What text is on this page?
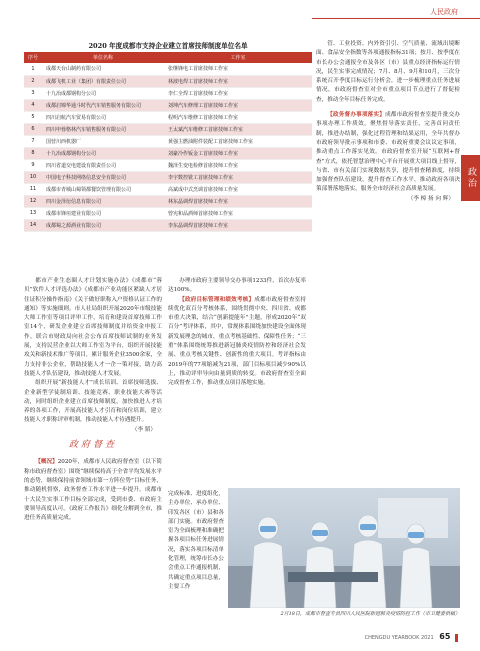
人民政府
政治
2020 年度成都市支持企业建立首席技师制度单位名单
序号	单位名称	工作室
1	成都天台山制药有限公司	张继锋电工首席技师工作室
2	成都飞机工业（集团）有限责任公司	林波电焊工首席技师工作室
3	十九冶成都钢构分公司	李仁全焊工首席技师工作室
4	成都启锦华通斗时代汽车销售服务有限公司	刘坤汽车修理工首席技师工作室
5	四川启航汽车贸易有限公司	程明汽车维修工首席技师工作室
6	四川申蓉格林汽车销售服务有限公司	王太斌汽车维修工首席技师工作室
7	国营川西机器厂	黄强主燃油附件装配工首席技师工作室
8	十九冶成都钢构分公司	刘豪冷作钣金工首席技师工作室
9	四川省道交电建设有限责任公司	魏泽生变电检修首席技师工作室
10	中国电子科技网络信息安全有限公司	李宇数控铣工首席技师工作室
11	成都市青城山蜀领都餐饮管理有限公司	高斌成中式烹调首席技师工作室
12	四川金泽衍信息有限公司	林东晶调焊首席技师工作室
13	成都市锋垣建业有限公司	曾宪和品酒师首席技师工作室
14	成都蜀之源酒业有限公司	李东晶调焊首席技师工作室

都市产业生态圈人才计划实施办法》《成都市“蓉贝”软件人才评选办法》《成都市产业功能区紧缺人才居住证积分操作指南》《关于做好职称入户资格认证工作的通知》等实施细则。市人社局组织开展2020年市级技能大师工作室等项目评审工作，培育和建设首席技师工作室14个，研发企业建立首席技师制度并给资金申报工作，联合市财政局向社会公布首席技师试制的业务发展，支持民营企业以大师工作室为平台，组织开展技能攻关和新技术推广等项目，累计服务企业3500余家，全力支持非公企业，帮助技能人才一企一策对接，助力高技能人才队伍建设，推动技能人才发展。

组织开展“新技能人才”成长培训、首席技师选拔、企业新型学徒制培训、技能竞赛、职业技能大赛等活动，同时组织企业建立首席技师制度，加快推进人才培养的各项工作，开展高技能人才引育和岗位培训，建立技能人才职称评审机制，推动技能人才待遇提升。

（李 韬）
政府督查

【概况】2020年，成都市人民政府督查室（以下简称市政府督查室）围绕“继续保持高于全省平均发展水平的态势，继续保持前省领域市第一方阵位势”目标任务，推动随机督察，政务督查工作水平进一步提升。成都市十大民生实事工作目标全部完成，受到市委、市政府主要领导高度认可。《政府工作报告》细化分解到全市，推进任务高质量完成。

办理市政府主要领导交办事项1233件，首次办复率达100%。

【政府目标管理和绩效考核】成都市政府督查室持续优化双百分考核体系，围绕贯彻中央、四川省、成都市重大决策，结合“创新提能年”主题，形成2020年“双百分”考评体系，其中，常规体系围绕加快建设全面体现新发展理念的城市，重点考核基础性、保障性任务；“三重”体系围绕统筹推进新冠肺炎疫情防控和经济社会发展、重点考核关键性、创新性的重大项目。考评指标由2019年的77项缩减为21项，部门目标项目减少90%以上，推动评审导向由量到质的转变。市政府督查室全面完成督查工作，推动重点项目落地实施。

完成标准、进度组化，主办单位、承办单位、印发各区（市）县和各部门实施。市政府督查室为全面梳理和准确把握各项目标任务进展情况，落实各项目标清单化管理，统筹市长办公会重点工作通报机制，共确定重点项目总量，主要工作

管、工业投资、内外资引引、空气质量、流域出境断面、食品安全指数等各项通报指标31项；按月、按季度在市长办公会通报全市及各区（市）县重点经济指标运行情况，民生实事完成情况；7月、8月、9月和10月，三次分系统召开季度目标运行分析会，进一步梳理重点任务进展情况，市政府督查室对全市重点项目节点进行了督促检查，推动全年目标任务完成。

【政务督办事项落实】成都市政府督查室提升批交办事项办理工作质效，聚焦督导落实责任，完善首问责任制，推进办结制，强化过程管理和结果运用，全年共督办市政府领导批示事项和市委、市政府重要会议议定事项，推动重点工作落实见效。市政府督查室开展“互联网+督查”方式，依托智慧治理中心平台开展重大项目线上督导，与省、市有关部门实现数据共享，提升督查精准度，持续加强督查队伍建设，提升督查工作水平，推动政府各项决策部署落地落实，服务全市经济社会高质量发展。

（李 樟 扬 向 辉）
2月18日，成都市督查专员四川人民医院新冠肺炎疫情防控工作（市卫健委供稿）
CHENGDU YEARBOOK 2021 65
